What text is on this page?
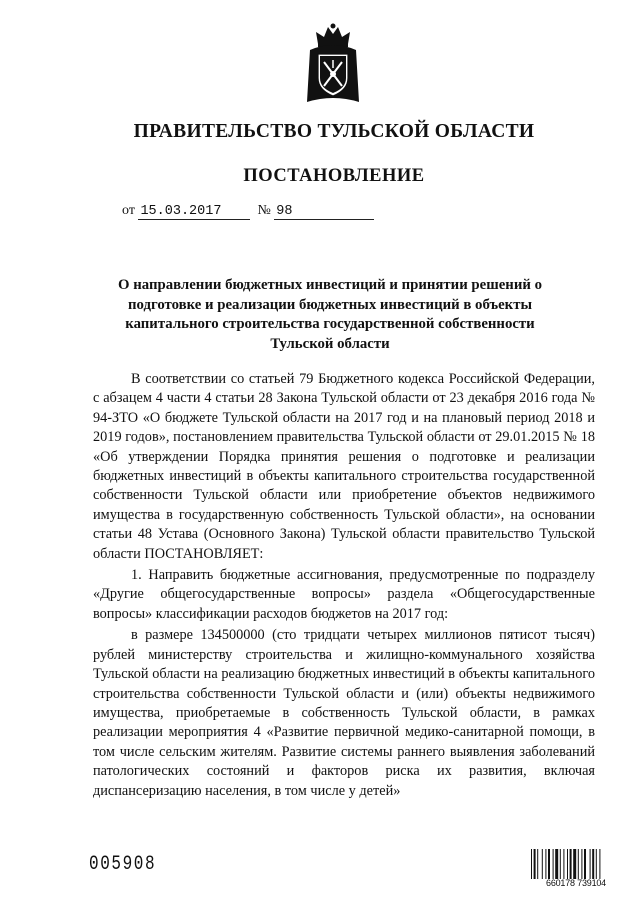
ПРАВИТЕЛЬСТВО ТУЛЬСКОЙ ОБЛАСТИ
ПОСТАНОВЛЕНИЕ
от 15.03.2017	№ 98
О направлении бюджетных инвестиций и принятии решений о подготовке и реализации бюджетных инвестиций в объекты капитального строительства государственной собственности Тульской области

В соответствии со статьей 79 Бюджетного кодекса Российской Федерации, с абзацем 4 части 4 статьи 28 Закона Тульской области от 23 декабря 2016 года № 94-ЗТО «О бюджете Тульской области на 2017 год и на плановый период 2018 и 2019 годов», постановлением правительства Тульской области от 29.01.2015 № 18 «Об утверждении Порядка принятия решения о подготовке и реализации бюджетных инвестиций в объекты капитального строительства государственной собственности Тульской области или приобретение объектов недвижимого имущества в государственную собственность Тульской области», на основании статьи 48 Устава (Основного Закона) Тульской области правительство Тульской области ПОСТАНОВЛЯЕТ:

1. Направить бюджетные ассигнования, предусмотренные по подразделу «Другие общегосударственные вопросы» раздела «Общегосударственные вопросы» классификации расходов бюджетов на 2017 год:

в размере 134500000 (сто тридцати четырех миллионов пятисот тысяч) рублей министерству строительства и жилищно-коммунального хозяйства Тульской области на реализацию бюджетных инвестиций в объекты капитального строительства собственности Тульской области и (или) объекты недвижимого имущества, приобретаемые в собственность Тульской области, в рамках реализации мероприятия 4 «Развитие первичной медико-санитарной помощи, в том числе сельским жителям. Развитие системы раннего выявления заболеваний патологических состояний и факторов риска их развития, включая диспансеризацию населения, в том числе у детей»

005908
660178 739104
